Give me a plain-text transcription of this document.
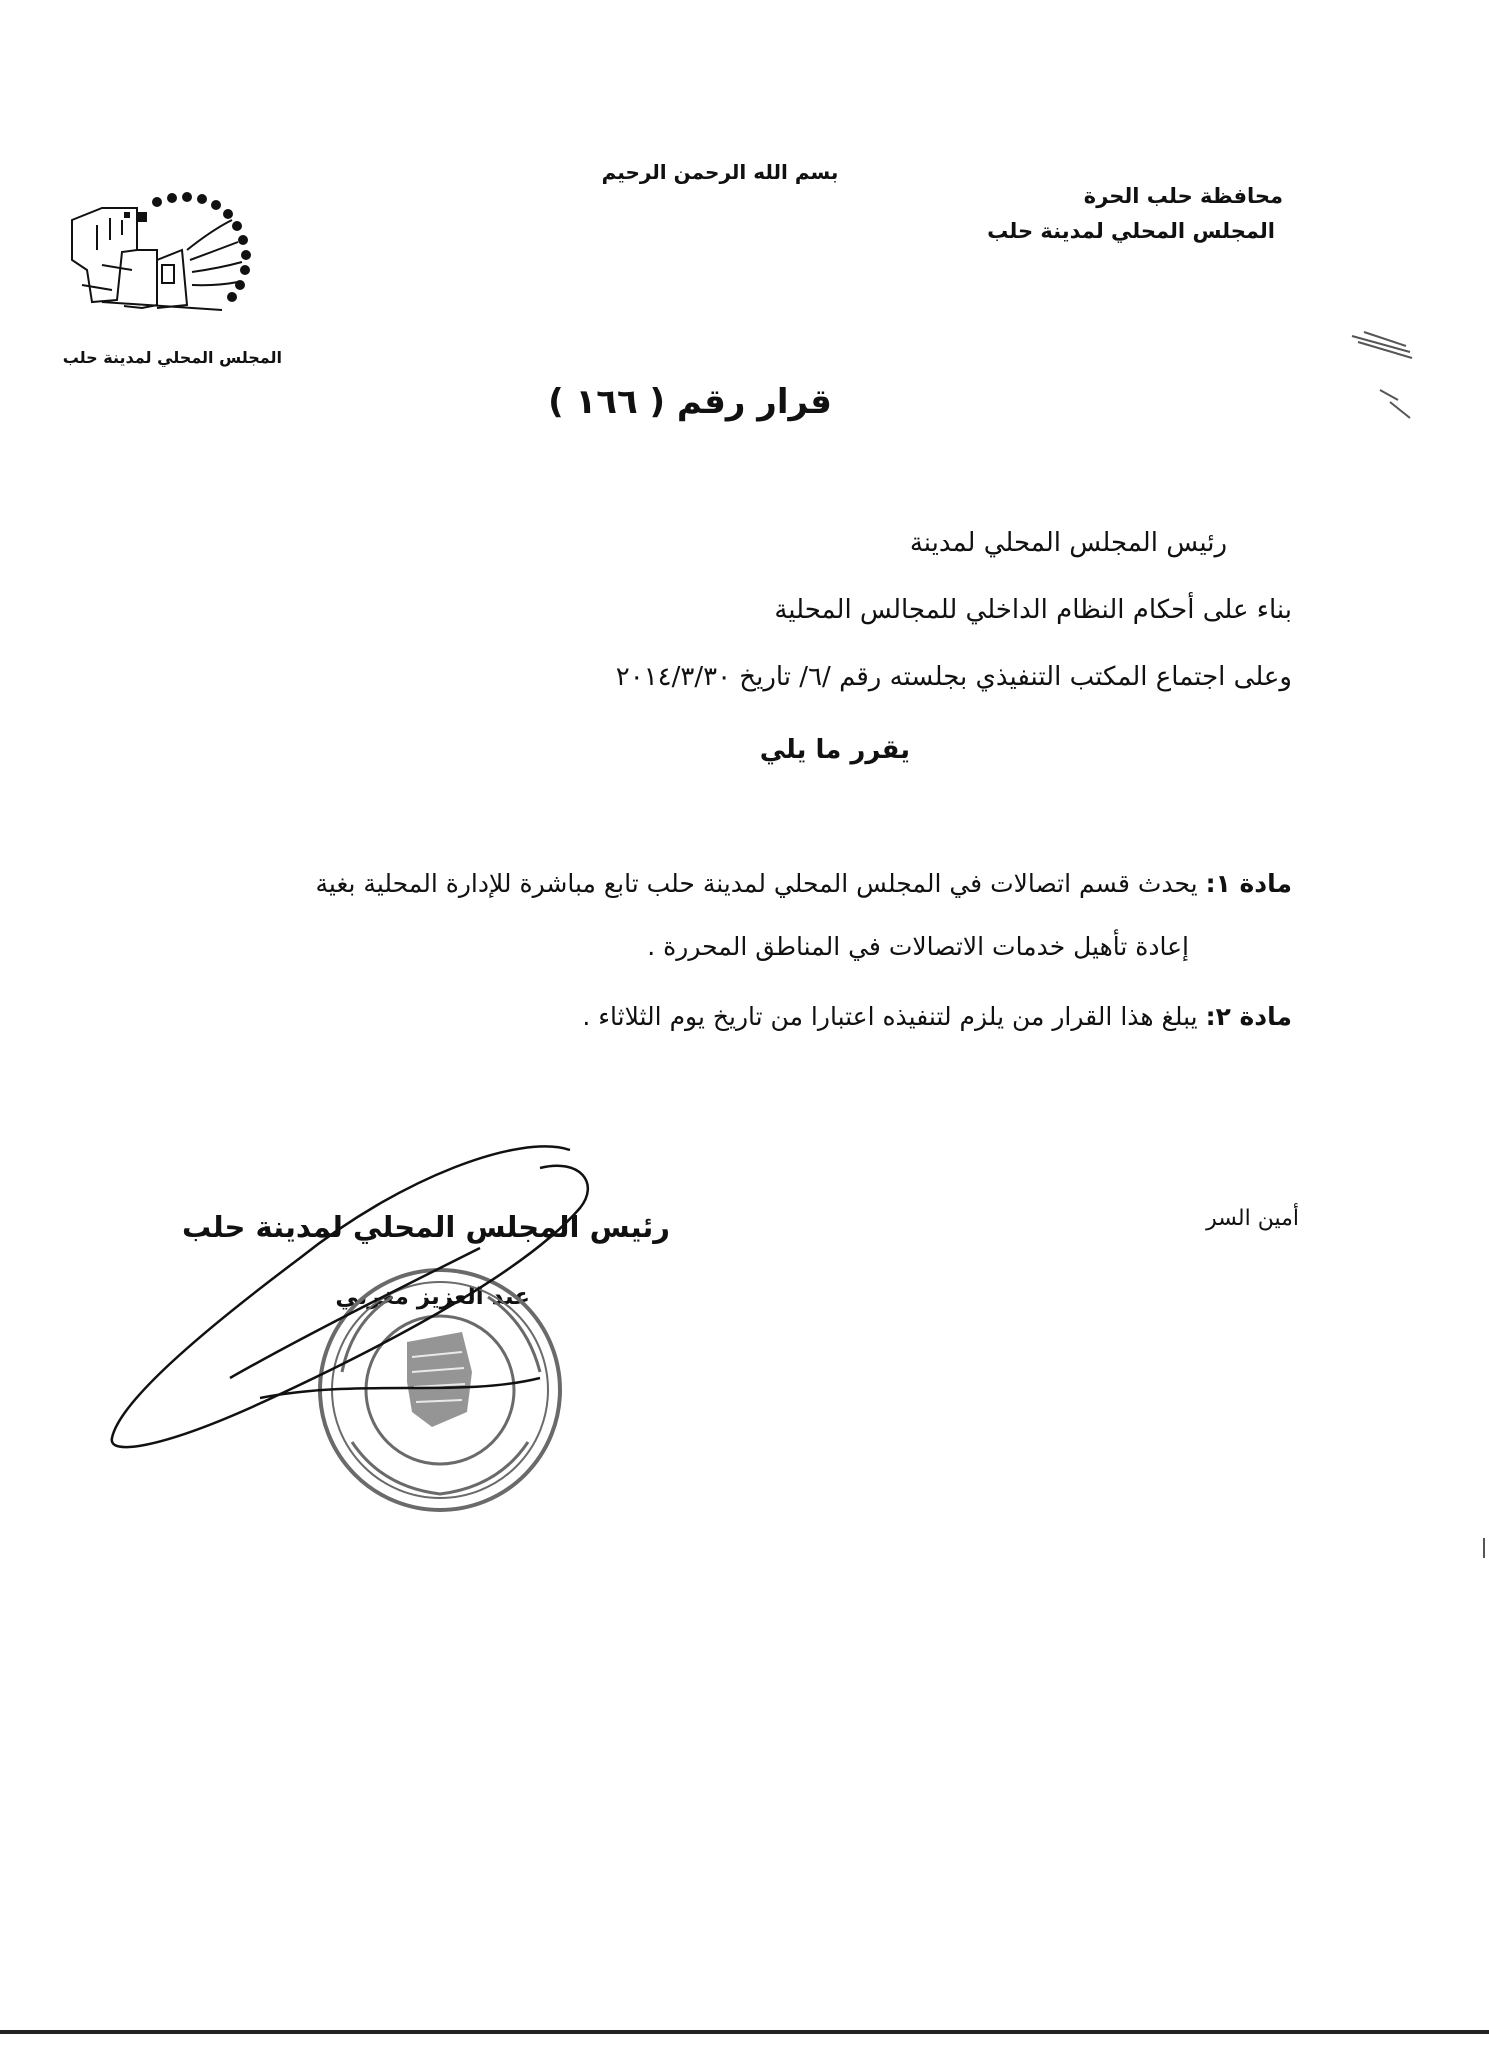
بسم الله الرحمن الرحيم
محافظة حلب الحرة
المجلس المحلي لمدينة حلب
المجلس المحلي لمدينة حلب
قرار رقم ( ١٦٦ )
رئيس المجلس المحلي لمدينة
بناء على أحكام النظام الداخلي للمجالس المحلية
وعلى اجتماع المكتب التنفيذي بجلسته رقم /٦/ تاريخ ٢٠١٤/٣/٣٠
يقرر ما يلي
مادة ١: يحدث قسم اتصالات في المجلس المحلي لمدينة حلب تابع مباشرة للإدارة المحلية بغية
إعادة تأهيل خدمات الاتصالات في المناطق المحررة .
مادة ٢: يبلغ هذا القرار من يلزم لتنفيذه اعتبارا من تاريخ يوم الثلاثاء .
أمين السر
رئيس المجلس المحلي لمدينة حلب
عبد العزيز مغربي
